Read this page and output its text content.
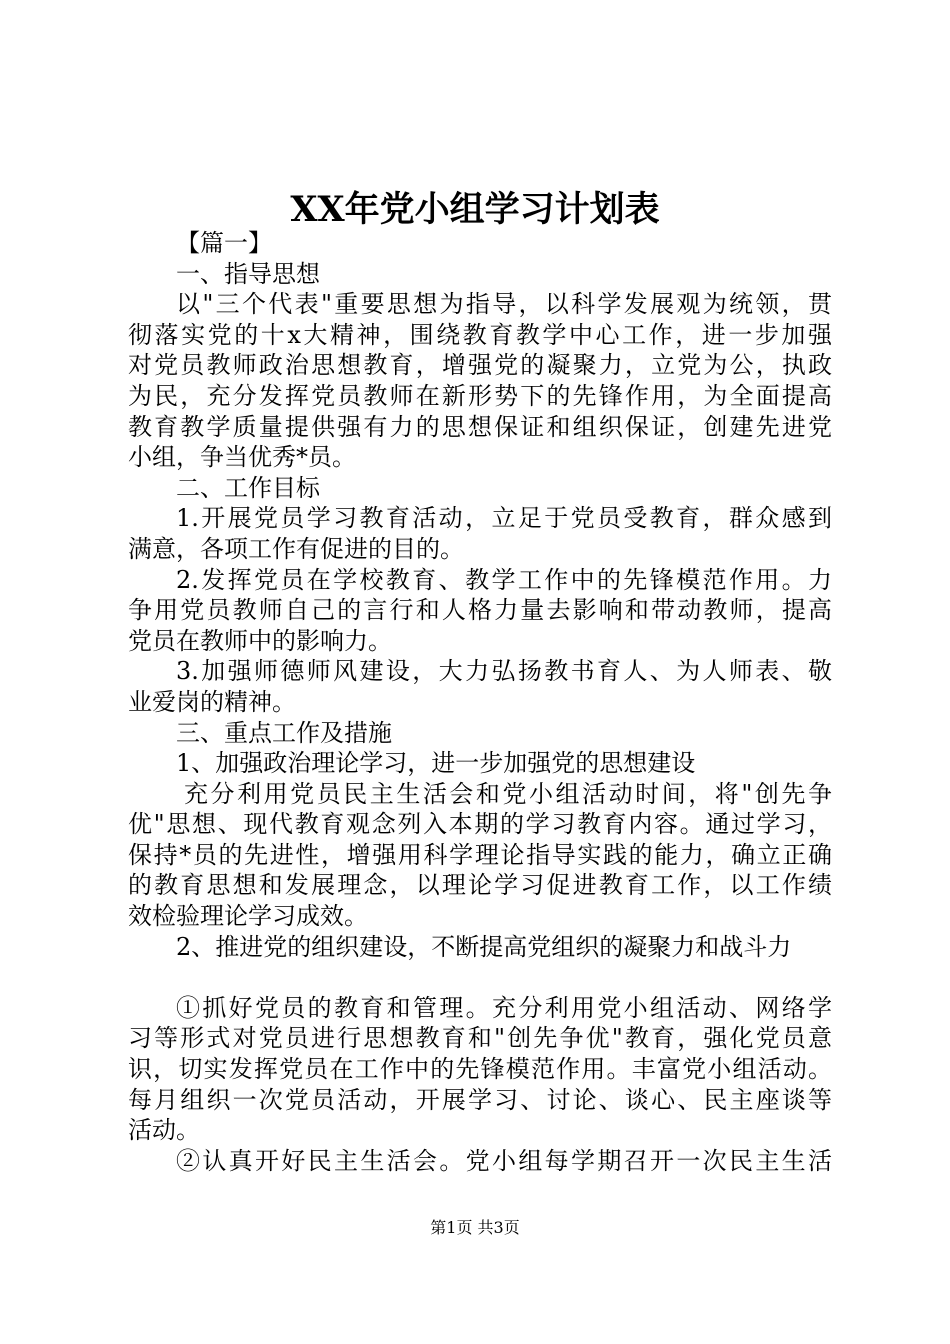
XX年党小组学习计划表
【篇一】
一、指导思想
以"三个代表"重要思想为指导，以科学发展观为统领，贯
彻落实党的十x大精神，围绕教育教学中心工作，进一步加强
对党员教师政治思想教育，增强党的凝聚力，立党为公，执政
为民，充分发挥党员教师在新形势下的先锋作用，为全面提高
教育教学质量提供强有力的思想保证和组织保证，创建先进党
小组，争当优秀*员。
二、工作目标
1.开展党员学习教育活动，立足于党员受教育，群众感到
满意，各项工作有促进的目的。
2.发挥党员在学校教育、教学工作中的先锋模范作用。力
争用党员教师自己的言行和人格力量去影响和带动教师，提高
党员在教师中的影响力。
3.加强师德师风建设，大力弘扬教书育人、为人师表、敬
业爱岗的精神。
三、重点工作及措施
1、加强政治理论学习，进一步加强党的思想建设
充分利用党员民主生活会和党小组活动时间，将"创先争
优"思想、现代教育观念列入本期的学习教育内容。通过学习，
保持*员的先进性，增强用科学理论指导实践的能力，确立正确
的教育思想和发展理念，以理论学习促进教育工作，以工作绩
效检验理论学习成效。
2、推进党的组织建设，不断提高党组织的凝聚力和战斗力
①抓好党员的教育和管理。充分利用党小组活动、网络学
习等形式对党员进行思想教育和"创先争优"教育，强化党员意
识，切实发挥党员在工作中的先锋模范作用。丰富党小组活动。
每月组织一次党员活动，开展学习、讨论、谈心、民主座谈等
活动。
②认真开好民主生活会。党小组每学期召开一次民主生活
第1页 共3页
